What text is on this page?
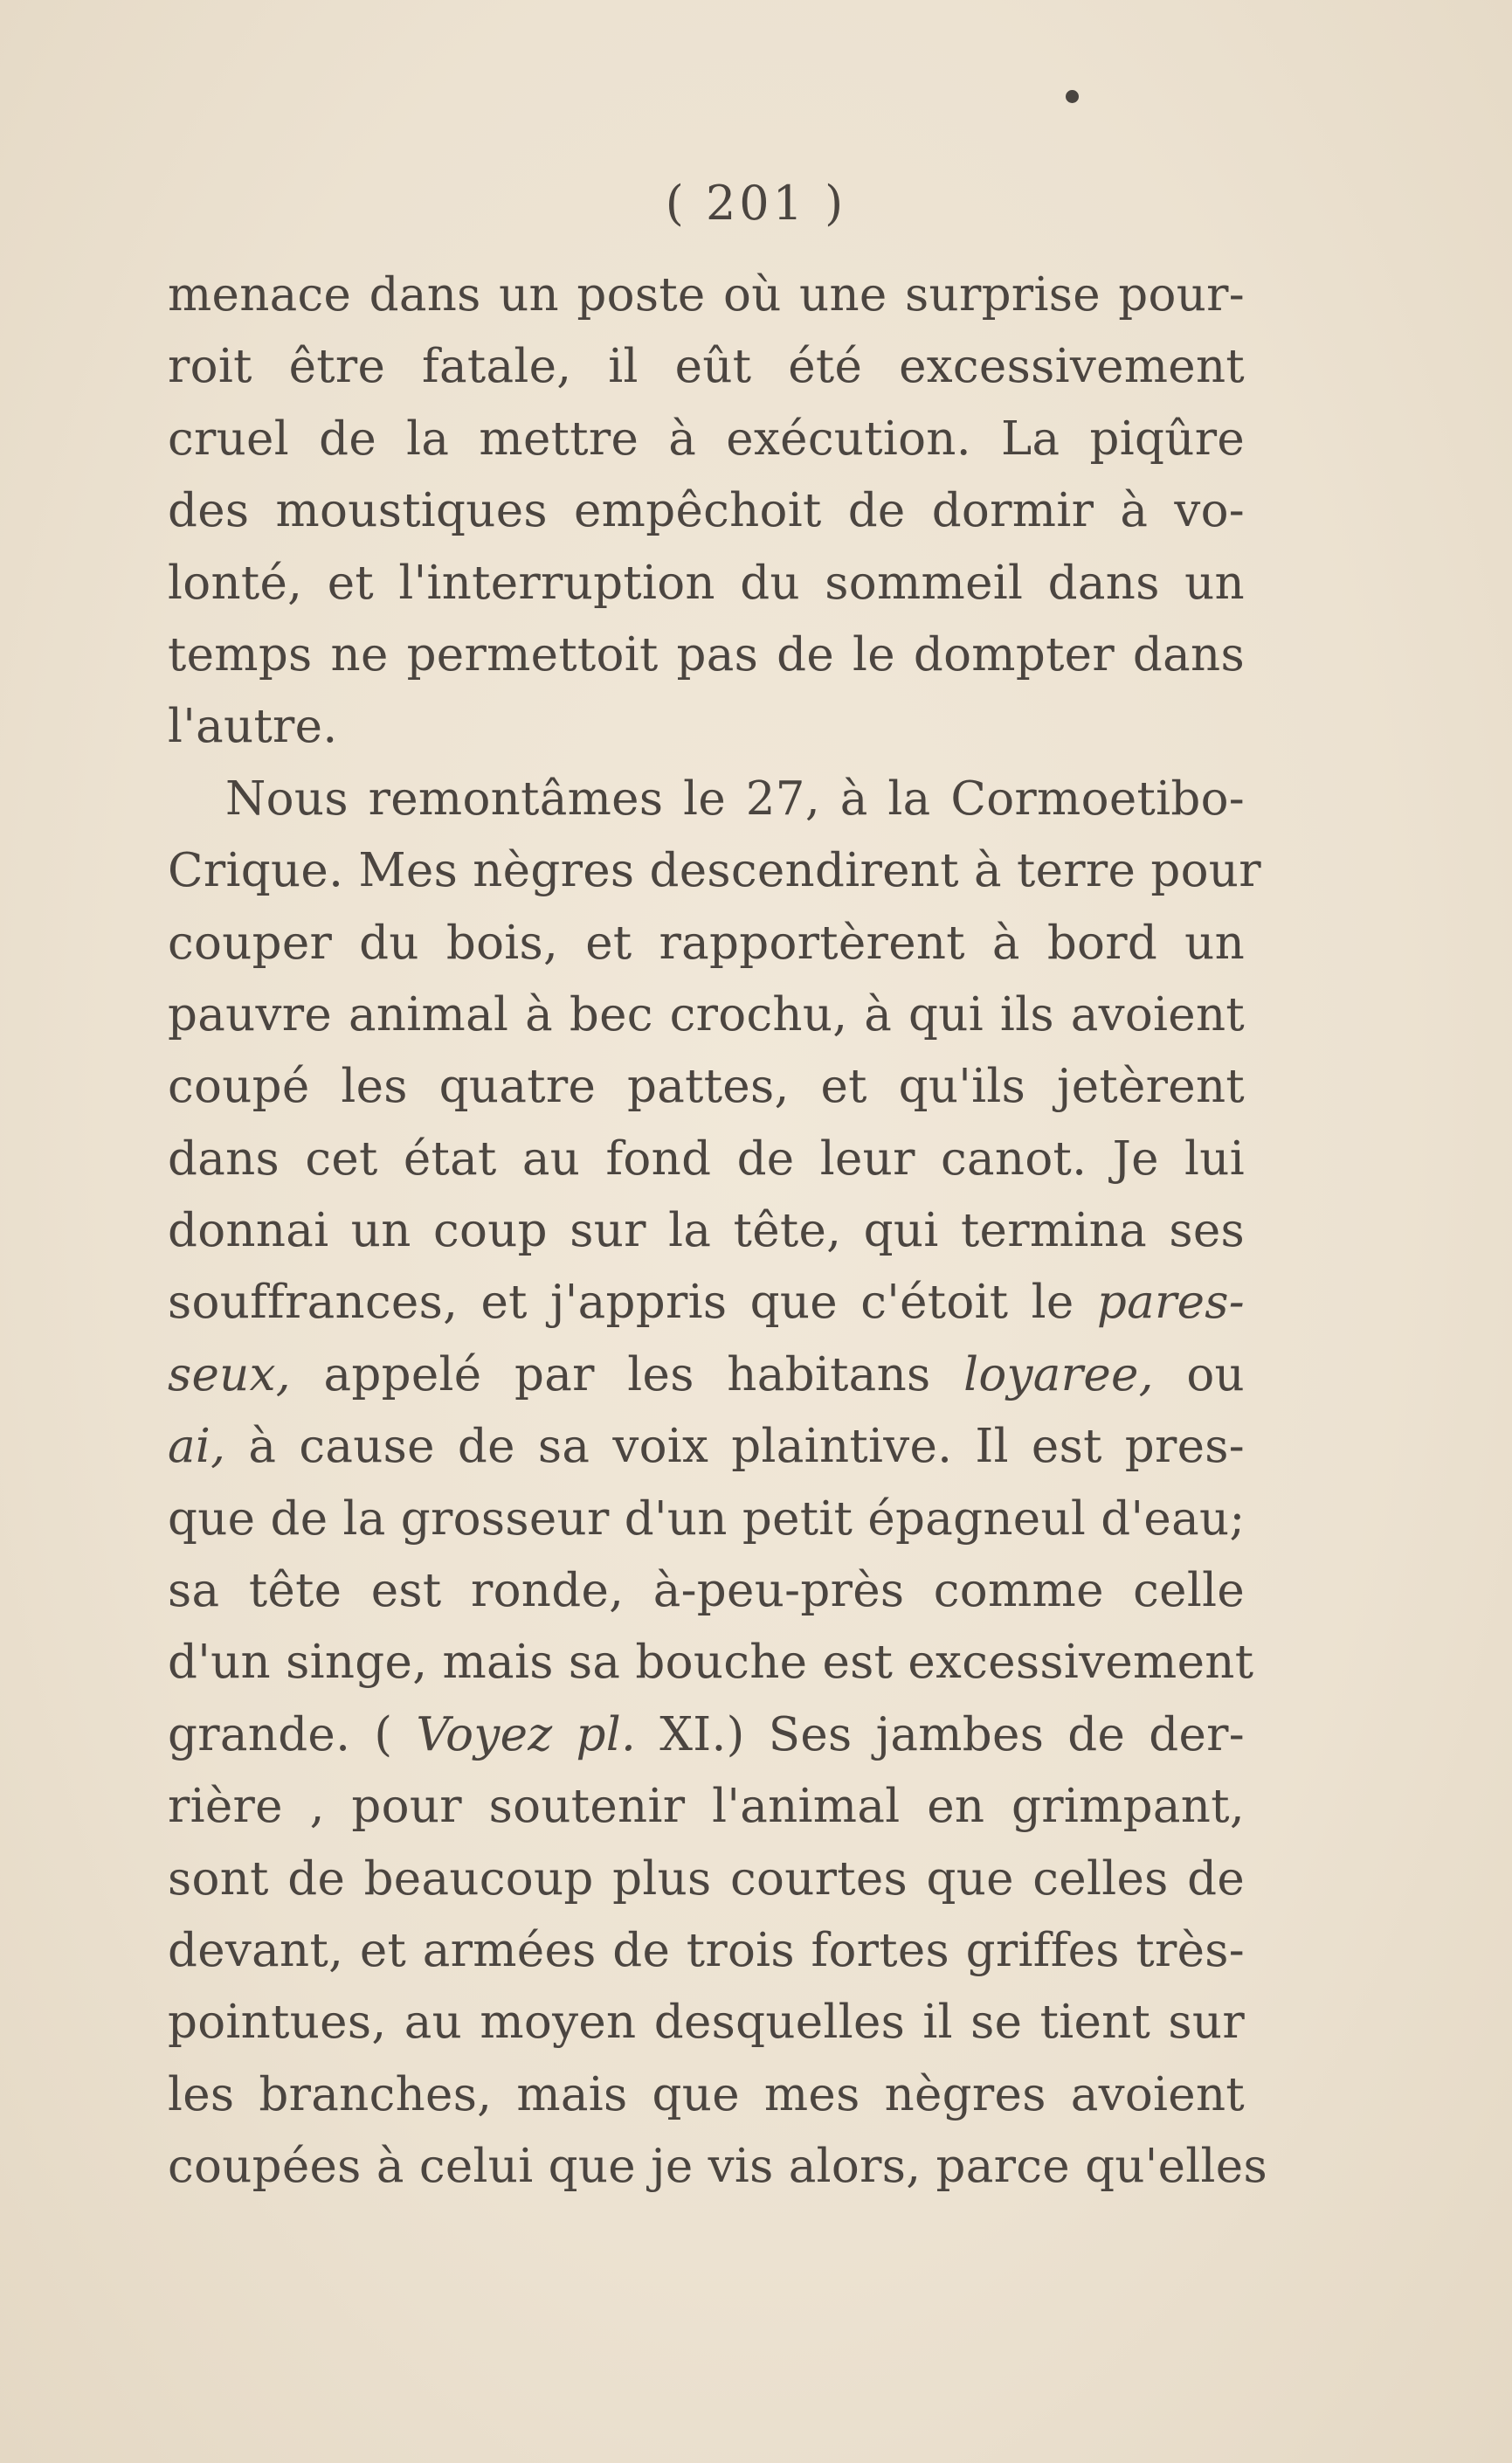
( 201 )
menace dans un poste où une surprise pour-
roit être fatale, il eût été excessivement
cruel de la mettre à exécution. La piqûre
des moustiques empêchoit de dormir à vo-
lonté, et l'interruption du sommeil dans un
temps ne permettoit pas de le dompter dans
l'autre.
Nous remontâmes le 27, à la Cormoetibo-
Crique. Mes nègres descendirent à terre pour
couper du bois, et rapportèrent à bord un
pauvre animal à bec crochu, à qui ils avoient
coupé les quatre pattes, et qu'ils jetèrent
dans cet état au fond de leur canot. Je lui
donnai un coup sur la tête, qui termina ses
souffrances, et j'appris que c'étoit le pares-
seux, appelé par les habitans loyaree, ou
ai, à cause de sa voix plaintive. Il est pres-
que de la grosseur d'un petit épagneul d'eau;
sa tête est ronde, à-peu-près comme celle
d'un singe, mais sa bouche est excessivement
grande. ( Voyez pl. XI.) Ses jambes de der-
rière , pour soutenir l'animal en grimpant,
sont de beaucoup plus courtes que celles de
devant, et armées de trois fortes griffes très-
pointues, au moyen desquelles il se tient sur
les branches, mais que mes nègres avoient
coupées à celui que je vis alors, parce qu'elles
